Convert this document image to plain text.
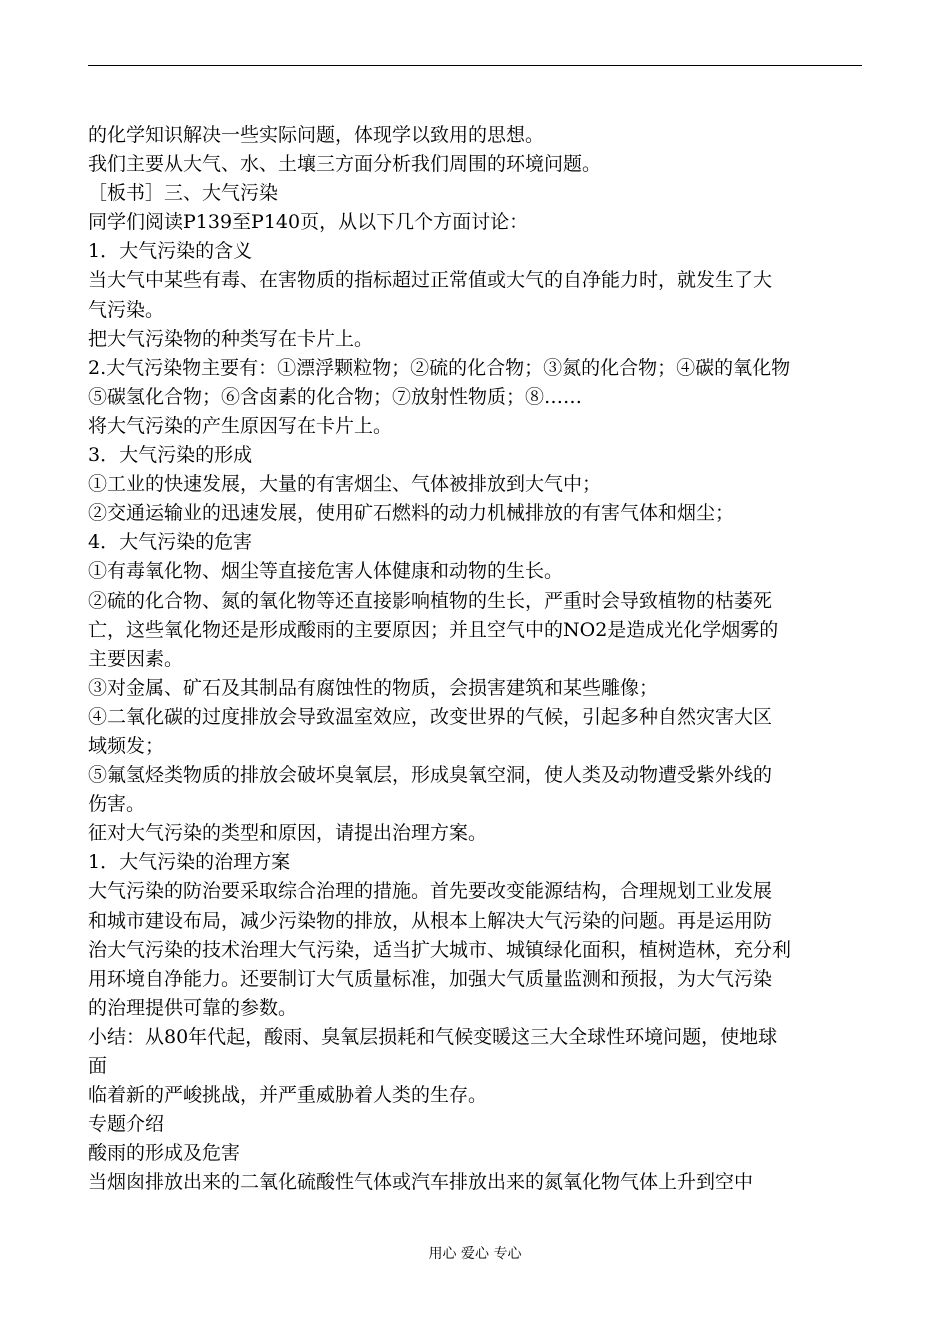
的化学知识解决一些实际问题，体现学以致用的思想。
我们主要从大气、水、土壤三方面分析我们周围的环境问题。
［板书］三、大气污染
同学们阅读P139至P140页，从以下几个方面讨论：
1．大气污染的含义
当大气中某些有毒、在害物质的指标超过正常值或大气的自净能力时，就发生了大
气污染。
把大气污染物的种类写在卡片上。
2.大气污染物主要有：①漂浮颗粒物；②硫的化合物；③氮的化合物；④碳的氧化物
⑤碳氢化合物；⑥含卤素的化合物；⑦放射性物质；⑧……
将大气污染的产生原因写在卡片上。
3．大气污染的形成
①工业的快速发展，大量的有害烟尘、气体被排放到大气中；
②交通运输业的迅速发展，使用矿石燃料的动力机械排放的有害气体和烟尘；
4．大气污染的危害
①有毒氧化物、烟尘等直接危害人体健康和动物的生长。
②硫的化合物、氮的氧化物等还直接影响植物的生长，严重时会导致植物的枯萎死
亡，这些氧化物还是形成酸雨的主要原因；并且空气中的NO2是造成光化学烟雾的
主要因素。
③对金属、矿石及其制品有腐蚀性的物质，会损害建筑和某些雕像；
④二氧化碳的过度排放会导致温室效应，改变世界的气候，引起多种自然灾害大区
域频发；
⑤氟氢烃类物质的排放会破坏臭氧层，形成臭氧空洞，使人类及动物遭受紫外线的
伤害。
征对大气污染的类型和原因，请提出治理方案。
1．大气污染的治理方案
大气污染的防治要采取综合治理的措施。首先要改变能源结构，合理规划工业发展
和城市建设布局，减少污染物的排放，从根本上解决大气污染的问题。再是运用防
治大气污染的技术治理大气污染，适当扩大城市、城镇绿化面积，植树造林，充分利
用环境自净能力。还要制订大气质量标准，加强大气质量监测和预报，为大气污染
的治理提供可靠的参数。
小结：从80年代起，酸雨、臭氧层损耗和气候变暖这三大全球性环境问题，使地球
面
临着新的严峻挑战，并严重威胁着人类的生存。
专题介绍
酸雨的形成及危害
当烟囱排放出来的二氧化硫酸性气体或汽车排放出来的氮氧化物气体上升到空中
用心 爱心 专心
